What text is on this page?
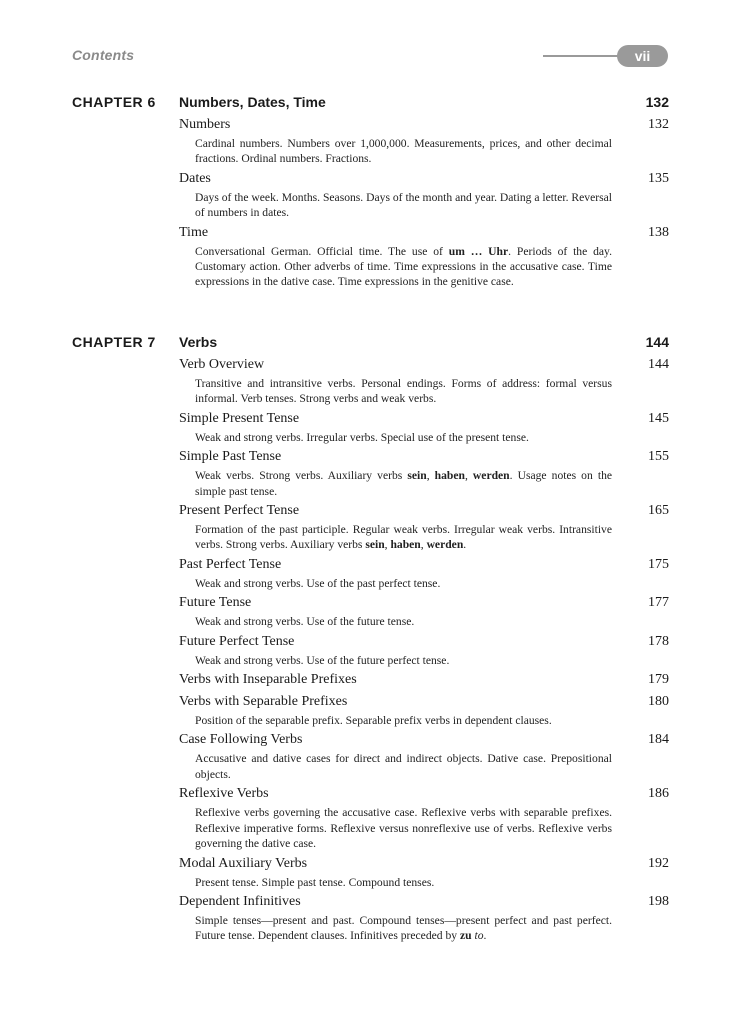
Contents	vii
CHAPTER 6 Numbers, Dates, Time	132
Numbers	132
Cardinal numbers. Numbers over 1,000,000. Measurements, prices, and other decimal fractions. Ordinal numbers. Fractions.
Dates	135
Days of the week. Months. Seasons. Days of the month and year. Dating a letter. Reversal of numbers in dates.
Time	138
Conversational German. Official time. The use of um … Uhr. Periods of the day. Customary action. Other adverbs of time. Time expressions in the accusative case. Time expressions in the dative case. Time expressions in the genitive case.
CHAPTER 7 Verbs	144
Verb Overview	144
Transitive and intransitive verbs. Personal endings. Forms of address: formal versus informal. Verb tenses. Strong verbs and weak verbs.
Simple Present Tense	145
Weak and strong verbs. Irregular verbs. Special use of the present tense.
Simple Past Tense	155
Weak verbs. Strong verbs. Auxiliary verbs sein, haben, werden. Usage notes on the simple past tense.
Present Perfect Tense	165
Formation of the past participle. Regular weak verbs. Irregular weak verbs. Intransitive verbs. Strong verbs. Auxiliary verbs sein, haben, werden.
Past Perfect Tense	175
Weak and strong verbs. Use of the past perfect tense.
Future Tense	177
Weak and strong verbs. Use of the future tense.
Future Perfect Tense	178
Weak and strong verbs. Use of the future perfect tense.
Verbs with Inseparable Prefixes	179
Verbs with Separable Prefixes	180
Position of the separable prefix. Separable prefix verbs in dependent clauses.
Case Following Verbs	184
Accusative and dative cases for direct and indirect objects. Dative case. Prepositional objects.
Reflexive Verbs	186
Reflexive verbs governing the accusative case. Reflexive verbs with separable prefixes. Reflexive imperative forms. Reflexive versus nonreflexive use of verbs. Reflexive verbs governing the dative case.
Modal Auxiliary Verbs	192
Present tense. Simple past tense. Compound tenses.
Dependent Infinitives	198
Simple tenses—present and past. Compound tenses—present perfect and past perfect. Future tense. Dependent clauses. Infinitives preceded by zu to.
